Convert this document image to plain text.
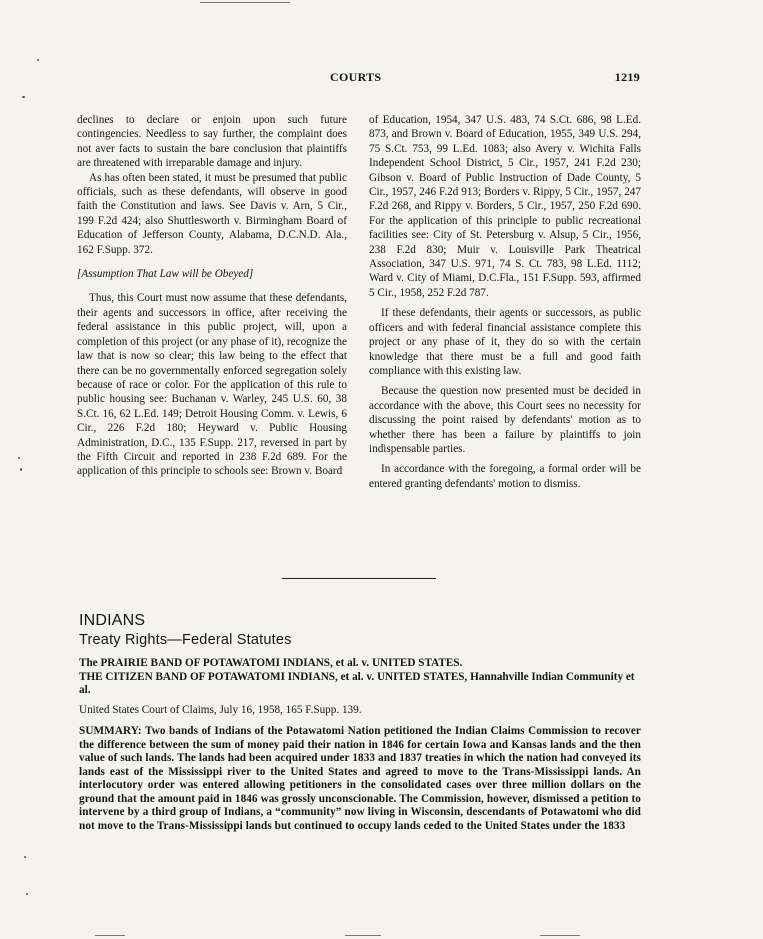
COURTS	1219

declines to declare or enjoin upon such future contingencies. Needless to say further, the complaint does not aver facts to sustain the bare conclusion that plaintiffs are threatened with irreparable damage and injury.

As has often been stated, it must be presumed that public officials, such as these defendants, will observe in good faith the Constitution and laws. See Davis v. Arn, 5 Cir., 199 F.2d 424; also Shuttlesworth v. Birmingham Board of Education of Jefferson County, Alabama, D.C.N.D. Ala., 162 F.Supp. 372.

[Assumption That Law will be Obeyed]

Thus, this Court must now assume that these defendants, their agents and successors in office, after receiving the federal assistance in this public project, will, upon a completion of this project (or any phase of it), recognize the law that is now so clear; this law being to the effect that there can be no governmentally enforced segregation solely because of race or color. For the application of this rule to public housing see: Buchanan v. Warley, 245 U.S. 60, 38 S.Ct. 16, 62 L.Ed. 149; Detroit Housing Comm. v. Lewis, 6 Cir., 226 F.2d 180; Heyward v. Public Housing Administration, D.C., 135 F.Supp. 217, reversed in part by the Fifth Circuit and reported in 238 F.2d 689. For the application of this principle to schools see: Brown v. Board

of Education, 1954, 347 U.S. 483, 74 S.Ct. 686, 98 L.Ed. 873, and Brown v. Board of Education, 1955, 349 U.S. 294, 75 S.Ct. 753, 99 L.Ed. 1083; also Avery v. Wichita Falls Independent School District, 5 Cir., 1957, 241 F.2d 230; Gibson v. Board of Public Instruction of Dade County, 5 Cir., 1957, 246 F.2d 913; Borders v. Rippy, 5 Cir., 1957, 247 F.2d 268, and Rippy v. Borders, 5 Cir., 1957, 250 F.2d 690. For the application of this principle to public recreational facilities see: City of St. Petersburg v. Alsup, 5 Cir., 1956, 238 F.2d 830; Muir v. Louisville Park Theatrical Association, 347 U.S. 971, 74 S. Ct. 783, 98 L.Ed. 1112; Ward v. City of Miami, D.C.Fla., 151 F.Supp. 593, affirmed 5 Cir., 1958, 252 F.2d 787.

If these defendants, their agents or successors, as public officers and with federal financial assistance complete this project or any phase of it, they do so with the certain knowledge that there must be a full and good faith compliance with this existing law.

Because the question now presented must be decided in accordance with the above, this Court sees no necessity for discussing the point raised by defendants' motion as to whether there has been a failure by plaintiffs to join indispensable parties.

In accordance with the foregoing, a formal order will be entered granting defendants' motion to dismiss.

INDIANS
Treaty Rights—Federal Statutes

The PRAIRIE BAND OF POTAWATOMI INDIANS, et al. v. UNITED STATES.

THE CITIZEN BAND OF POTAWATOMI INDIANS, et al. v. UNITED STATES, Hannahville Indian Community et al.

United States Court of Claims, July 16, 1958, 165 F.Supp. 139.
SUMMARY: Two bands of Indians of the Potawatomi Nation petitioned the Indian Claims Commission to recover the difference between the sum of money paid their nation in 1846 for certain Iowa and Kansas lands and the then value of such lands. The lands had been acquired under 1833 and 1837 treaties in which the nation had conveyed its lands east of the Mississippi river to the United States and agreed to move to the Trans-Mississippi lands. An interlocutory order was entered allowing petitioners in the consolidated cases over three million dollars on the ground that the amount paid in 1846 was grossly unconscionable. The Commission, however, dismissed a petition to intervene by a third group of Indians, a “community” now living in Wisconsin, descendants of Potawatomi who did not move to the Trans-Mississippi lands but continued to occupy lands ceded to the United States under the 1833
